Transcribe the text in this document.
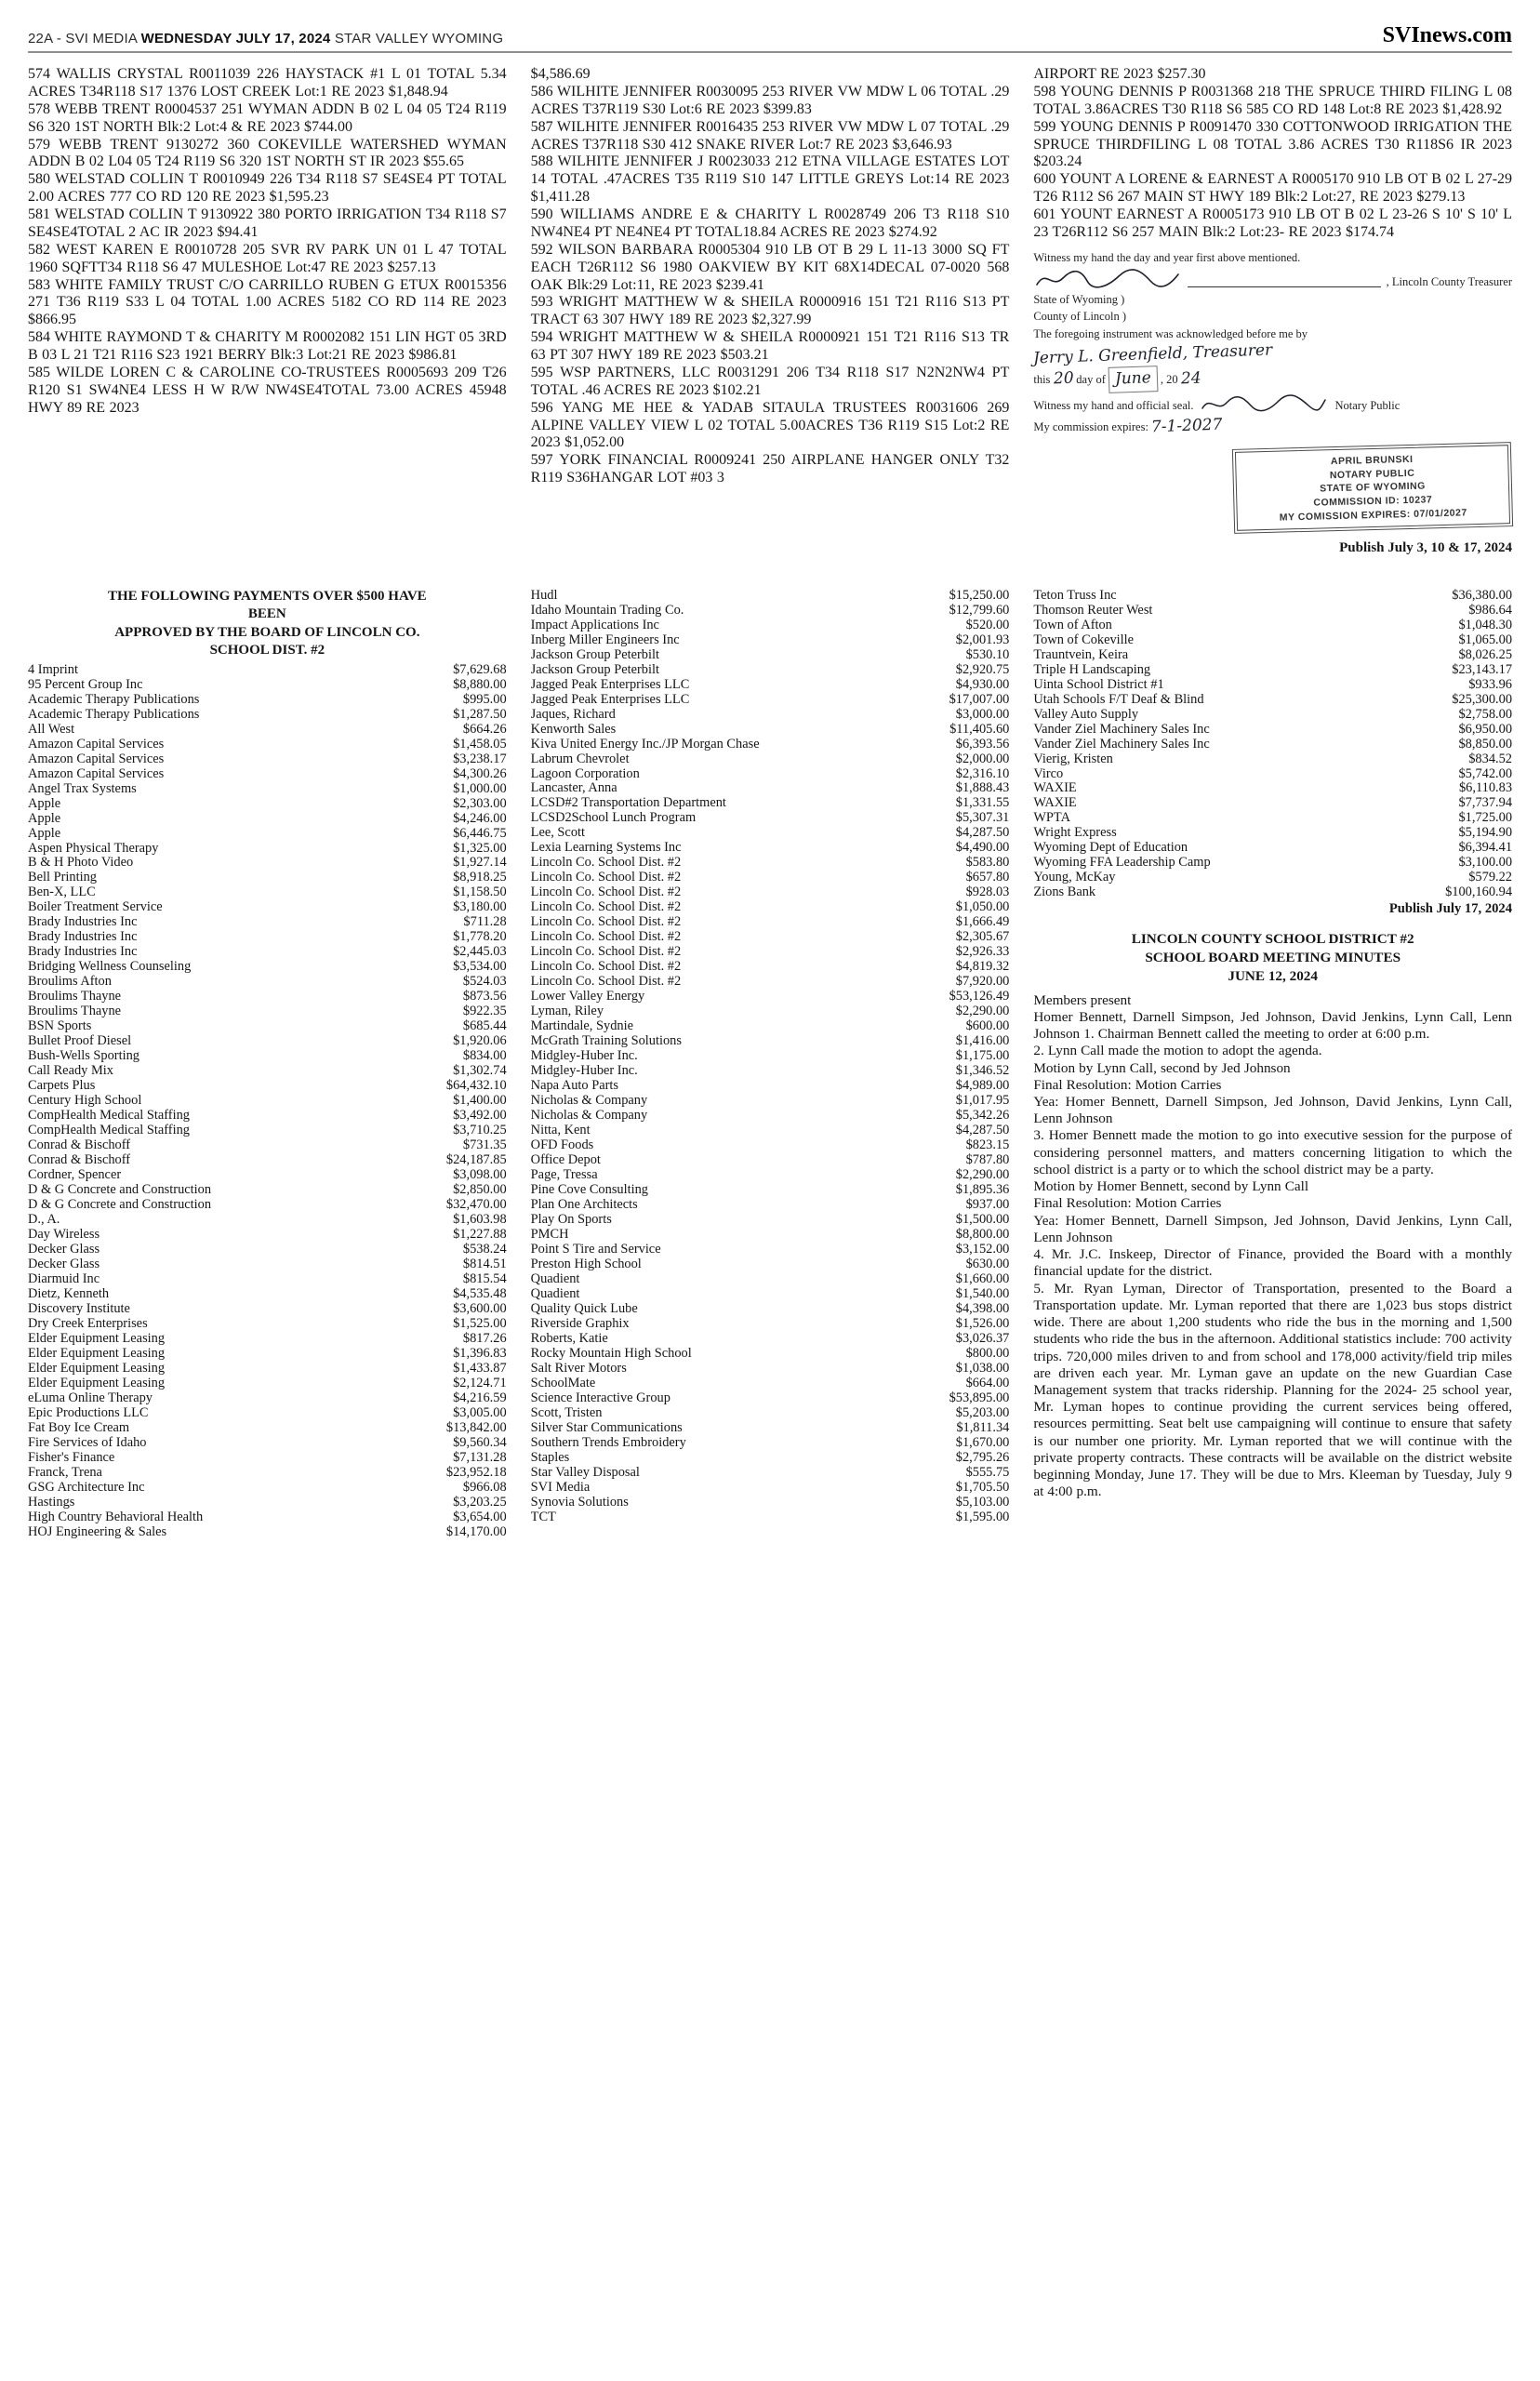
22A - SVI MEDIA WEDNESDAY JULY 17, 2024 STAR VALLEY WYOMING	SVInews.com

574 WALLIS CRYSTAL R0011039 226 HAYSTACK #1 L 01 TOTAL 5.34 ACRES T34R118 S17 1376 LOST CREEK Lot:1 RE 2023 $1,848.94

578 WEBB TRENT R0004537 251 WYMAN ADDN B 02 L 04 05 T24 R119 S6 320 1ST NORTH Blk:2 Lot:4 & RE 2023 $744.00

579 WEBB TRENT 9130272 360 COKEVILLE WATERSHED WYMAN ADDN B 02 L04 05 T24 R119 S6 320 1ST NORTH ST IR 2023 $55.65

580 WELSTAD COLLIN T R0010949 226 T34 R118 S7 SE4SE4 PT TOTAL 2.00 ACRES 777 CO RD 120 RE 2023 $1,595.23

581 WELSTAD COLLIN T 9130922 380 PORTO IRRIGATION T34 R118 S7 SE4SE4TOTAL 2 AC IR 2023 $94.41

582 WEST KAREN E R0010728 205 SVR RV PARK UN 01 L 47 TOTAL 1960 SQFTT34 R118 S6 47 MULESHOE Lot:47 RE 2023 $257.13

583 WHITE FAMILY TRUST C/O CARRILLO RUBEN G ETUX R0015356 271 T36 R119 S33 L 04 TOTAL 1.00 ACRES 5182 CO RD 114 RE 2023 $866.95

584 WHITE RAYMOND T & CHARITY M R0002082 151 LIN HGT 05 3RD B 03 L 21 T21 R116 S23 1921 BERRY Blk:3 Lot:21 RE 2023 $986.81

585 WILDE LOREN C & CAROLINE CO-TRUSTEES R0005693 209 T26 R120 S1 SW4NE4 LESS H W R/W NW4SE4TOTAL 73.00 ACRES 45948 HWY 89 RE 2023

$4,586.69

586 WILHITE JENNIFER R0030095 253 RIVER VW MDW L 06 TOTAL .29 ACRES T37R119 S30 Lot:6 RE 2023 $399.83

587 WILHITE JENNIFER R0016435 253 RIVER VW MDW L 07 TOTAL .29 ACRES T37R118 S30 412 SNAKE RIVER Lot:7 RE 2023 $3,646.93

588 WILHITE JENNIFER J R0023033 212 ETNA VILLAGE ESTATES LOT 14 TOTAL .47ACRES T35 R119 S10 147 LITTLE GREYS Lot:14 RE 2023 $1,411.28

590 WILLIAMS ANDRE E & CHARITY L R0028749 206 T3 R118 S10 NW4NE4 PT NE4NE4 PT TOTAL18.84 ACRES RE 2023 $274.92

592 WILSON BARBARA R0005304 910 LB OT B 29 L 11-13 3000 SQ FT EACH T26R112 S6 1980 OAKVIEW BY KIT 68X14DECAL 07-0020 568 OAK Blk:29 Lot:11, RE 2023 $239.41

593 WRIGHT MATTHEW W & SHEILA R0000916 151 T21 R116 S13 PT TRACT 63 307 HWY 189 RE 2023 $2,327.99

594 WRIGHT MATTHEW W & SHEILA R0000921 151 T21 R116 S13 TR 63 PT 307 HWY 189 RE 2023 $503.21

595 WSP PARTNERS, LLC R0031291 206 T34 R118 S17 N2N2NW4 PT TOTAL .46 ACRES RE 2023 $102.21

596 YANG ME HEE & YADAB SITAULA TRUSTEES R0031606 269 ALPINE VALLEY VIEW L 02 TOTAL 5.00ACRES T36 R119 S15 Lot:2 RE 2023 $1,052.00

597 YORK FINANCIAL R0009241 250 AIRPLANE HANGER ONLY T32 R119 S36HANGAR LOT #03 3

AIRPORT RE 2023 $257.30

598 YOUNG DENNIS P R0031368 218 THE SPRUCE THIRD FILING L 08 TOTAL 3.86ACRES T30 R118 S6 585 CO RD 148 Lot:8 RE 2023 $1,428.92

599 YOUNG DENNIS P R0091470 330 COTTONWOOD IRRIGATION THE SPRUCE THIRDFILING L 08 TOTAL 3.86 ACRES T30 R118S6 IR 2023 $203.24

600 YOUNT A LORENE & EARNEST A R0005170 910 LB OT B 02 L 27-29 T26 R112 S6 267 MAIN ST HWY 189 Blk:2 Lot:27, RE 2023 $279.13

601 YOUNT EARNEST A R0005173 910 LB OT B 02 L 23-26 S 10' S 10' L 23 T26R112 S6 257 MAIN Blk:2 Lot:23- RE 2023 $174.74

Witness my hand the day and year first above mentioned.

, Lincoln County Treasurer

State of Wyoming )

County of Lincoln )

The foregoing instrument was acknowledged before me by Jerry L. Greenfield, Treasurer

this 20 day of June , 20 24

Witness my hand and official seal.	Notary Public

My commission expires: 7-1-2027

APRIL BRUNSKI
NOTARY PUBLIC
STATE OF WYOMING
COMMISSION ID: 10237
MY COMISSION EXPIRES: 07/01/2027

Publish July 3, 10 & 17, 2024

THE FOLLOWING PAYMENTS OVER $500 HAVE
BEEN
APPROVED BY THE BOARD OF LINCOLN CO.
SCHOOL DIST. #2
4 Imprint	$7,629.68
95 Percent Group Inc	$8,880.00
Academic Therapy Publications	$995.00
Academic Therapy Publications	$1,287.50
All West	$664.26
Amazon Capital Services	$1,458.05
Amazon Capital Services	$3,238.17
Amazon Capital Services	$4,300.26
Angel Trax Systems	$1,000.00
Apple	$2,303.00
Apple	$4,246.00
Apple	$6,446.75
Aspen Physical Therapy	$1,325.00
B & H Photo Video	$1,927.14
Bell Printing	$8,918.25
Ben-X, LLC	$1,158.50
Boiler Treatment Service	$3,180.00
Brady Industries Inc	$711.28
Brady Industries Inc	$1,778.20
Brady Industries Inc	$2,445.03
Bridging Wellness Counseling	$3,534.00
Broulims Afton	$524.03
Broulims Thayne	$873.56
Broulims Thayne	$922.35
BSN Sports	$685.44
Bullet Proof Diesel	$1,920.06
Bush-Wells Sporting	$834.00
Call Ready Mix	$1,302.74
Carpets Plus	$64,432.10
Century High School	$1,400.00
CompHealth Medical Staffing	$3,492.00
CompHealth Medical Staffing	$3,710.25
Conrad & Bischoff	$731.35
Conrad & Bischoff	$24,187.85
Cordner, Spencer	$3,098.00
D & G Concrete and Construction	$2,850.00
D & G Concrete and Construction	$32,470.00
D., A.	$1,603.98
Day Wireless	$1,227.88
Decker Glass	$538.24
Decker Glass	$814.51
Diarmuid Inc	$815.54
Dietz, Kenneth	$4,535.48
Discovery Institute	$3,600.00
Dry Creek Enterprises	$1,525.00
Elder Equipment Leasing	$817.26
Elder Equipment Leasing	$1,396.83
Elder Equipment Leasing	$1,433.87
Elder Equipment Leasing	$2,124.71
eLuma Online Therapy	$4,216.59
Epic Productions LLC	$3,005.00
Fat Boy Ice Cream	$13,842.00
Fire Services of Idaho	$9,560.34
Fisher's Finance	$7,131.28
Franck, Trena	$23,952.18
GSG Architecture Inc	$966.08
Hastings	$3,203.25
High Country Behavioral Health	$3,654.00
HOJ Engineering & Sales	$14,170.00
Hudl	$15,250.00
Idaho Mountain Trading Co.	$12,799.60
Impact Applications Inc	$520.00
Inberg Miller Engineers Inc	$2,001.93
Jackson Group Peterbilt	$530.10
Jackson Group Peterbilt	$2,920.75
Jagged Peak Enterprises LLC	$4,930.00
Jagged Peak Enterprises LLC	$17,007.00
Jaques, Richard	$3,000.00
Kenworth Sales	$11,405.60
Kiva United Energy Inc./JP Morgan Chase	$6,393.56
Labrum Chevrolet	$2,000.00
Lagoon Corporation	$2,316.10
Lancaster, Anna	$1,888.43
LCSD#2 Transportation Department	$1,331.55
LCSD2School Lunch Program	$5,307.31
Lee, Scott	$4,287.50
Lexia Learning Systems Inc	$4,490.00
Lincoln Co. School Dist. #2	$583.80
Lincoln Co. School Dist. #2	$657.80
Lincoln Co. School Dist. #2	$928.03
Lincoln Co. School Dist. #2	$1,050.00
Lincoln Co. School Dist. #2	$1,666.49
Lincoln Co. School Dist. #2	$2,305.67
Lincoln Co. School Dist. #2	$2,926.33
Lincoln Co. School Dist. #2	$4,819.32
Lincoln Co. School Dist. #2	$7,920.00
Lower Valley Energy	$53,126.49
Lyman, Riley	$2,290.00
Martindale, Sydnie	$600.00
McGrath Training Solutions	$1,416.00
Midgley-Huber Inc.	$1,175.00
Midgley-Huber Inc.	$1,346.52
Napa Auto Parts	$4,989.00
Nicholas & Company	$1,017.95
Nicholas & Company	$5,342.26
Nitta, Kent	$4,287.50
OFD Foods	$823.15
Office Depot	$787.80
Page, Tressa	$2,290.00
Pine Cove Consulting	$1,895.36
Plan One Architects	$937.00
Play On Sports	$1,500.00
PMCH	$8,800.00
Point S Tire and Service	$3,152.00
Preston High School	$630.00
Quadient	$1,660.00
Quadient	$1,540.00
Quality Quick Lube	$4,398.00
Riverside Graphix	$1,526.00
Roberts, Katie	$3,026.37
Rocky Mountain High School	$800.00
Salt River Motors	$1,038.00
SchoolMate	$664.00
Science Interactive Group	$53,895.00
Scott, Tristen	$5,203.00
Silver Star Communications	$1,811.34
Southern Trends Embroidery	$1,670.00
Staples	$2,795.26
Star Valley Disposal	$555.75
SVI Media	$1,705.50
Synovia Solutions	$5,103.00
TCT	$1,595.00
Teton Truss Inc	$36,380.00
Thomson Reuter West	$986.64
Town of Afton	$1,048.30
Town of Cokeville	$1,065.00
Trauntvein, Keira	$8,026.25
Triple H Landscaping	$23,143.17
Uinta School District #1	$933.96
Utah Schools F/T Deaf & Blind	$25,300.00
Valley Auto Supply	$2,758.00
Vander Ziel Machinery Sales Inc	$6,950.00
Vander Ziel Machinery Sales Inc	$8,850.00
Vierig, Kristen	$834.52
Virco	$5,742.00
WAXIE	$6,110.83
WAXIE	$7,737.94
WPTA	$1,725.00
Wright Express	$5,194.90
Wyoming Dept of Education	$6,394.41
Wyoming FFA Leadership Camp	$3,100.00
Young, McKay	$579.22
Zions Bank	$100,160.94

Publish July 17, 2024

LINCOLN COUNTY SCHOOL DISTRICT #2
SCHOOL BOARD MEETING MINUTES
JUNE 12, 2024

Members present

Homer Bennett, Darnell Simpson, Jed Johnson, David Jenkins, Lynn Call, Lenn Johnson 1. Chairman Bennett called the meeting to order at 6:00 p.m.

2. Lynn Call made the motion to adopt the agenda.

Motion by Lynn Call, second by Jed Johnson

Final Resolution: Motion Carries

Yea: Homer Bennett, Darnell Simpson, Jed Johnson, David Jenkins, Lynn Call, Lenn Johnson

3. Homer Bennett made the motion to go into executive session for the purpose of considering personnel matters, and matters concerning litigation to which the school district is a party or to which the school district may be a party.

Motion by Homer Bennett, second by Lynn Call

Final Resolution: Motion Carries

Yea: Homer Bennett, Darnell Simpson, Jed Johnson, David Jenkins, Lynn Call, Lenn Johnson

4. Mr. J.C. Inskeep, Director of Finance, provided the Board with a monthly financial update for the district.

5. Mr. Ryan Lyman, Director of Transportation, presented to the Board a Transportation update. Mr. Lyman reported that there are 1,023 bus stops district wide. There are about 1,200 students who ride the bus in the morning and 1,500 students who ride the bus in the afternoon. Additional statistics include: 700 activity trips. 720,000 miles driven to and from school and 178,000 activity/field trip miles are driven each year. Mr. Lyman gave an update on the new Guardian Case Management system that tracks ridership. Planning for the 2024- 25 school year, Mr. Lyman hopes to continue providing the current services being offered, resources permitting. Seat belt use campaigning will continue to ensure that safety is our number one priority. Mr. Lyman reported that we will continue with the private property contracts. These contracts will be available on the district website beginning Monday, June 17. They will be due to Mrs. Kleeman by Tuesday, July 9 at 4:00 p.m.
